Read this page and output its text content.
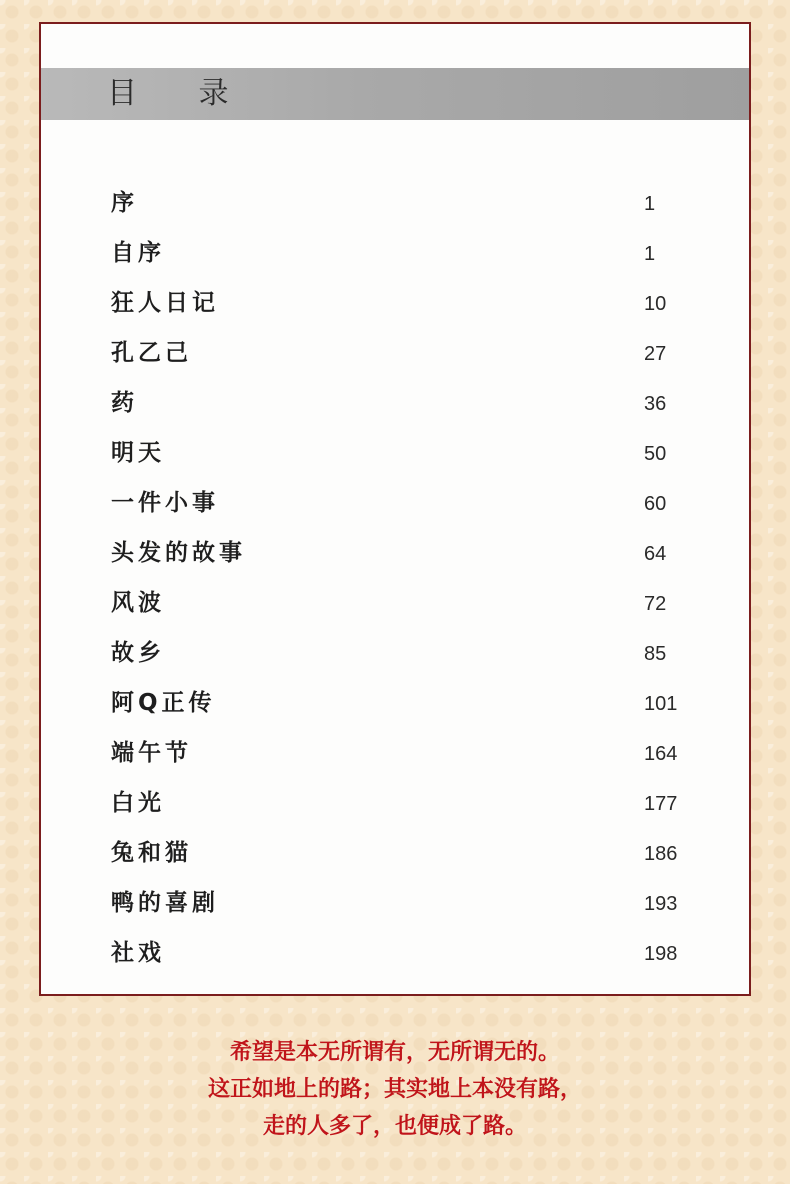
目 录
序	1
自序	1
狂人日记	10
孔乙己	27
药	36
明天	50
一件小事	60
头发的故事	64
风波	72
故乡	85
阿Q正传	101
端午节	164
白光	177
兔和猫	186
鸭的喜剧	193
社戏	198
希望是本无所谓有，无所谓无的。
这正如地上的路；其实地上本没有路，
走的人多了，也便成了路。
